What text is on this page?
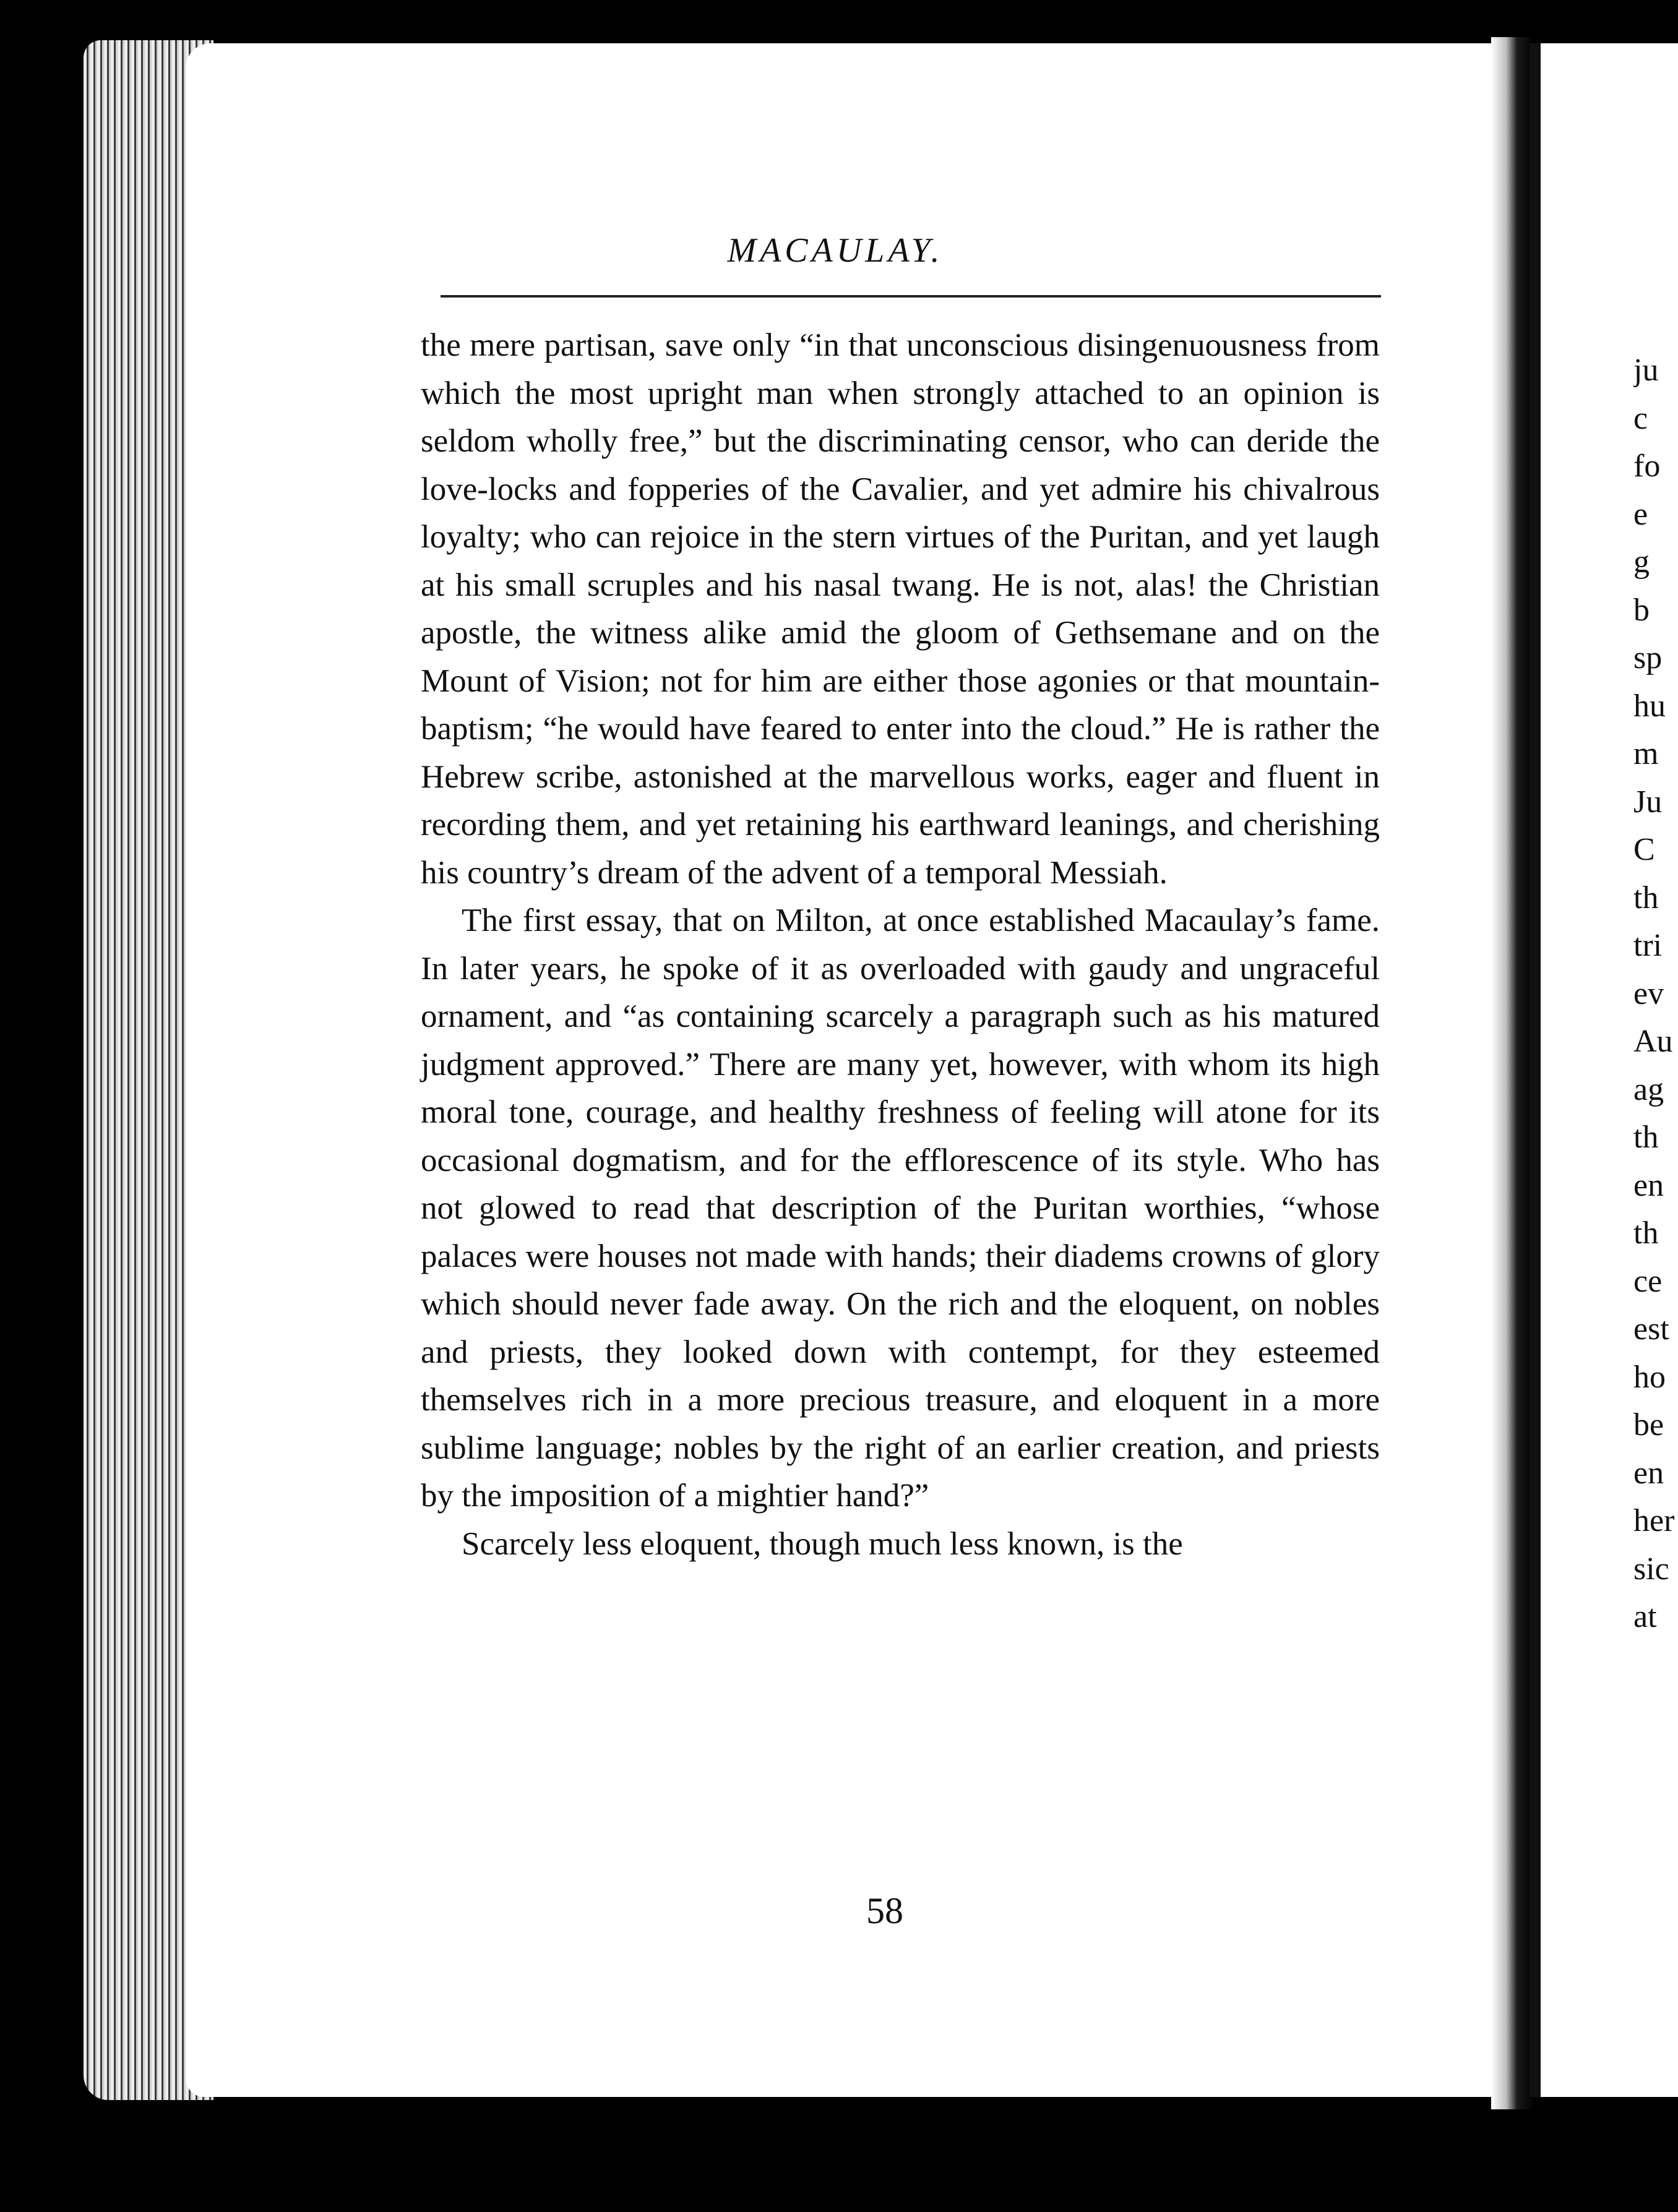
MACAULAY.

the mere partisan, save only “in that unconscious disingenuousness from which the most upright man when strongly attached to an opinion is seldom wholly free,” but the discriminating censor, who can deride the love-locks and fopperies of the Cavalier, and yet admire his chivalrous loyalty; who can rejoice in the stern virtues of the Puritan, and yet laugh at his small scruples and his nasal twang. He is not, alas! the Christian apostle, the witness alike amid the gloom of Gethsemane and on the Mount of Vision; not for him are either those agonies or that mountain-baptism; “he would have feared to enter into the cloud.” He is rather the Hebrew scribe, astonished at the marvellous works, eager and fluent in recording them, and yet retaining his earthward leanings, and cherishing his country’s dream of the advent of a temporal Messiah.

The first essay, that on Milton, at once established Macaulay’s fame. In later years, he spoke of it as overloaded with gaudy and ungraceful ornament, and “as containing scarcely a paragraph such as his matured judgment approved.” There are many yet, however, with whom its high moral tone, courage, and healthy freshness of feeling will atone for its occasional dogmatism, and for the efflorescence of its style. Who has not glowed to read that description of the Puritan worthies, “whose palaces were houses not made with hands; their diadems crowns of glory which should never fade away. On the rich and the eloquent, on nobles and priests, they looked down with contempt, for they esteemed themselves rich in a more precious treasure, and eloquent in a more sublime language; nobles by the right of an earlier creation, and priests by the imposition of a mightier hand?”

Scarcely less eloquent, though much less known, is the

58
ju
c
fo
e
g
b
sp
hu
m
Ju
C
th
tri
ev
Au
ag
th
en
th
ce
est
ho
be
en
her
sic
at
